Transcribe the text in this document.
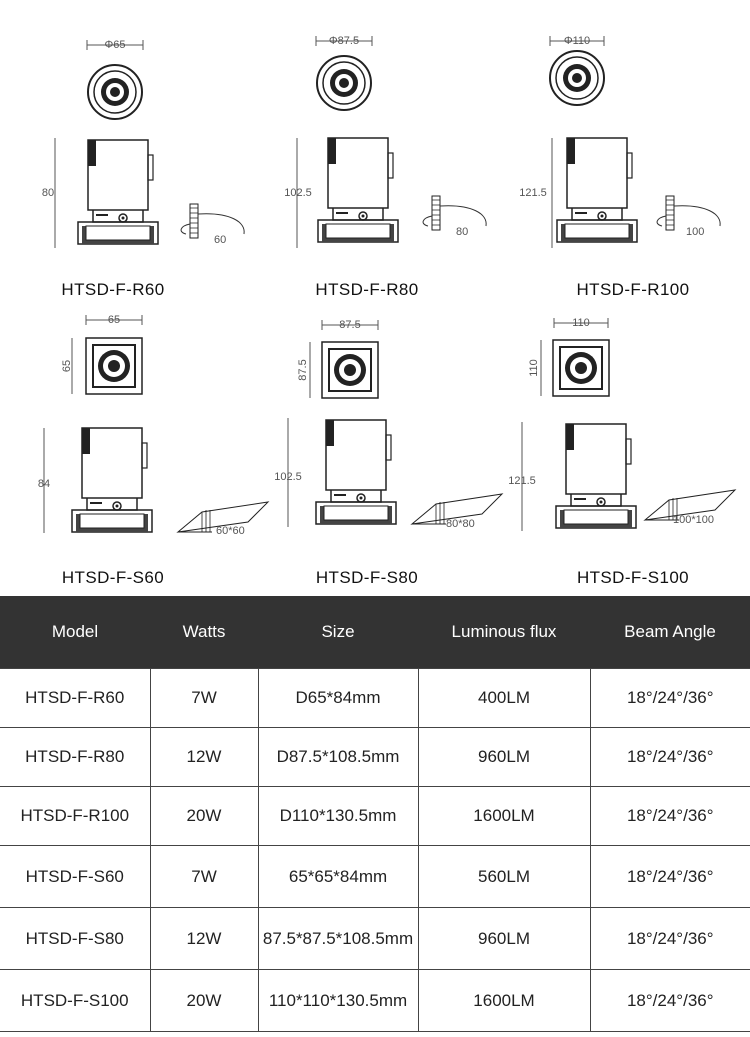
Φ65
80
60
Φ87.5
102.5
80
Φ110
121.5
100
65
65
84
60*60
87.5
87.5
102.5
80*80
110
110
121.5
100*100
HTSD-F-R60	HTSD-F-R80	HTSD-F-R100
HTSD-F-S60	HTSD-F-S80	HTSD-F-S100
Model	Watts	Size	Luminous flux	Beam Angle
HTSD-F-R60	7W	D65*84mm	400LM	18°/24°/36°
HTSD-F-R80	12W	D87.5*108.5mm	960LM	18°/24°/36°
HTSD-F-R100	20W	D110*130.5mm	1600LM	18°/24°/36°
HTSD-F-S60	7W	65*65*84mm	560LM	18°/24°/36°
HTSD-F-S80	12W	87.5*87.5*108.5mm	960LM	18°/24°/36°
HTSD-F-S100	20W	110*110*130.5mm	1600LM	18°/24°/36°
